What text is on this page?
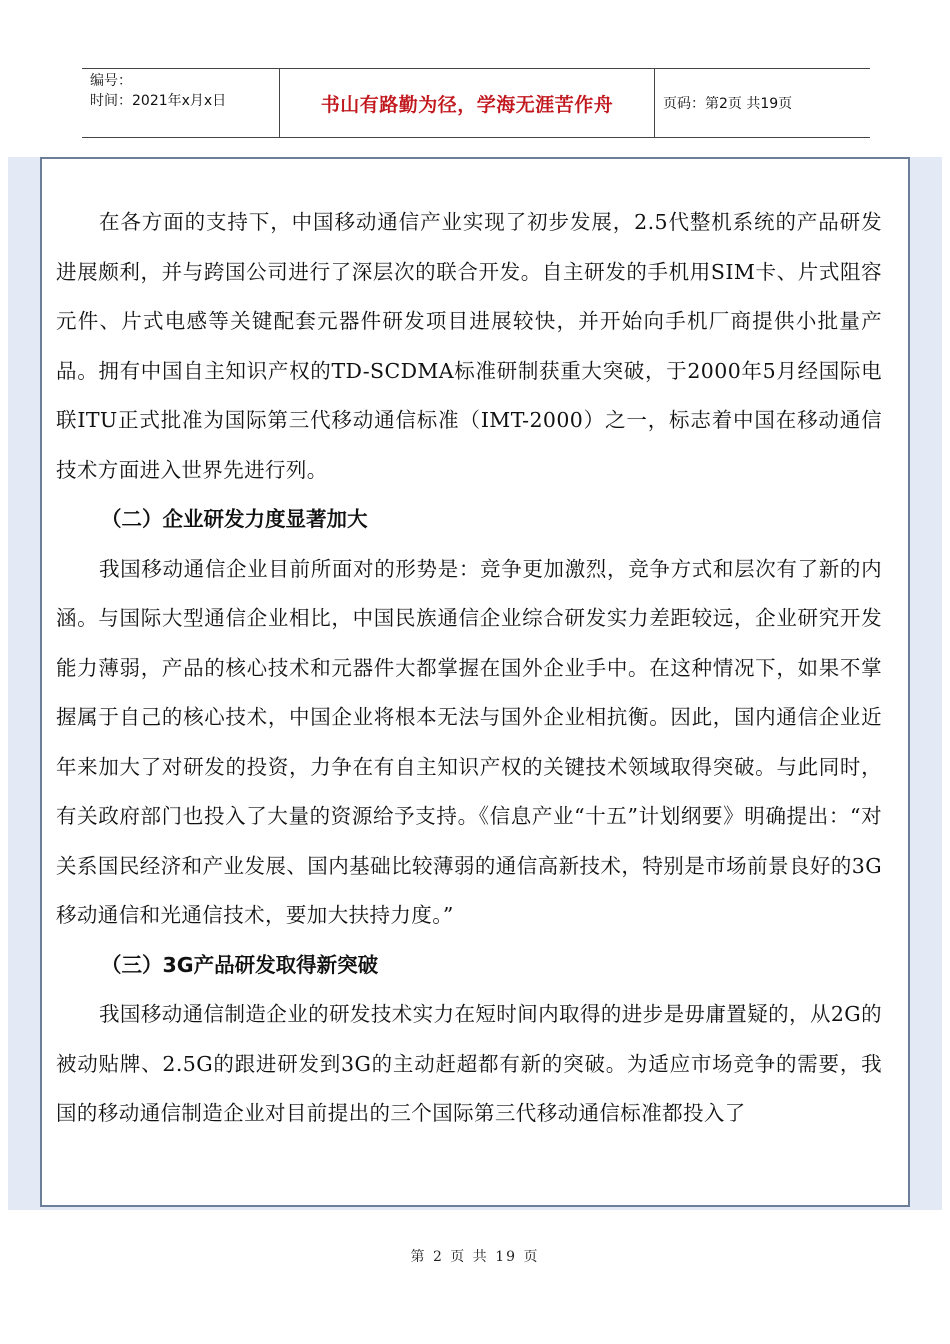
编号：
时间：2021年x月x日	书山有路勤为径，学海无涯苦作舟	页码：第2页 共19页

在各方面的支持下，中国移动通信产业实现了初步发展，2.5代整机系统的产品研发进展颇利，并与跨国公司进行了深层次的联合开发。自主研发的手机用SIM卡、片式阻容元件、片式电感等关键配套元器件研发项目进展较快，并开始向手机厂商提供小批量产品。拥有中国自主知识产权的TD-SCDMA标准研制获重大突破，于2000年5月经国际电联ITU正式批准为国际第三代移动通信标准（IMT-2000）之一，标志着中国在移动通信技术方面进入世界先进行列。

（二）企业研发力度显著加大

我国移动通信企业目前所面对的形势是：竞争更加激烈，竞争方式和层次有了新的内涵。与国际大型通信企业相比，中国民族通信企业综合研发实力差距较远，企业研究开发能力薄弱，产品的核心技术和元器件大都掌握在国外企业手中。在这种情况下，如果不掌握属于自己的核心技术，中国企业将根本无法与国外企业相抗衡。因此，国内通信企业近年来加大了对研发的投资，力争在有自主知识产权的关键技术领域取得突破。与此同时，有关政府部门也投入了大量的资源给予支持。《信息产业“十五”计划纲要》明确提出：“对关系国民经济和产业发展、国内基础比较薄弱的通信高新技术，特别是市场前景良好的3G移动通信和光通信技术，要加大扶持力度。”

（三）3G产品研发取得新突破

我国移动通信制造企业的研发技术实力在短时间内取得的进步是毋庸置疑的，从2G的被动贴牌、2.5G的跟进研发到3G的主动赶超都有新的突破。为适应市场竞争的需要，我国的移动通信制造企业对目前提出的三个国际第三代移动通信标准都投入了

第 2 页 共 19 页
